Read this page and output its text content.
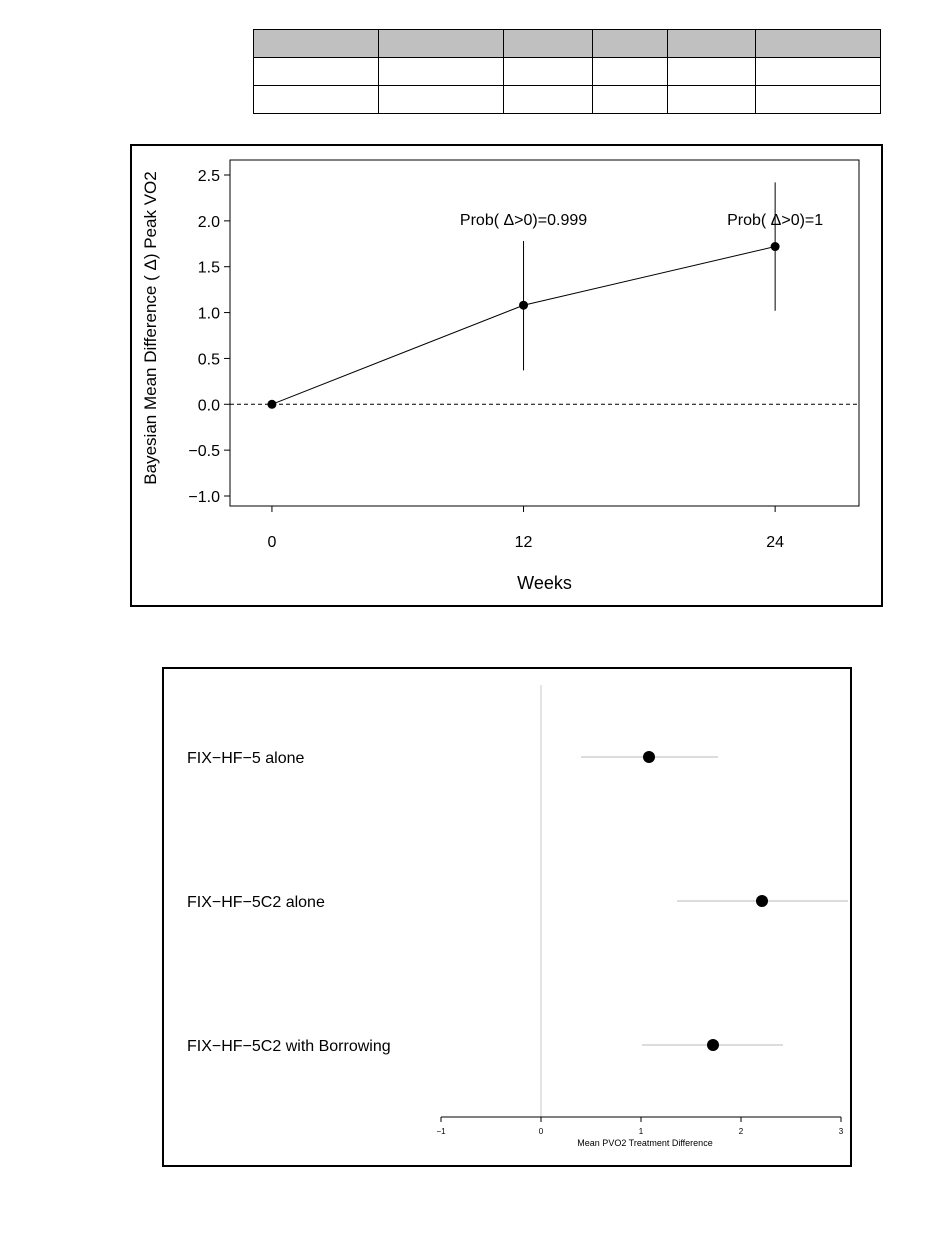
2.5
2.0
1.5
1.0
0.5
0.0
−0.5
−1.0
0	12	24
Prob( Δ>0)=0.999	Prob( Δ>0)=1
Weeks
Bayesian Mean Difference ( Δ) Peak VO2
−1	0	1	2	3
Mean PVO2 Treatment Difference
FIX−HF−5 alone
FIX−HF−5C2 alone
FIX−HF−5C2 with Borrowing
